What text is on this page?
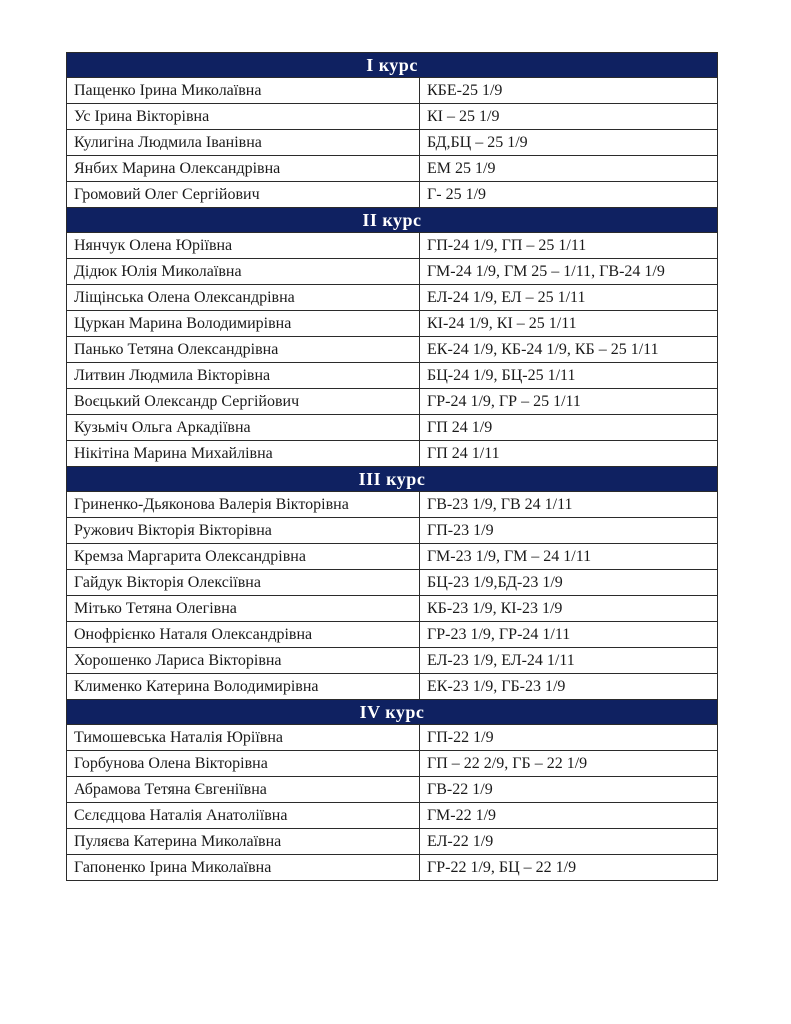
І курс	
Пащенко Ірина Миколаївна	КБЕ-25 1/9
Ус Ірина Вікторівна	КІ – 25 1/9
Кулигіна Людмила Іванівна	БД,БЦ – 25 1/9
Янбих Марина Олександрівна	ЕМ 25 1/9
Громовий Олег Сергійович	Г- 25 1/9
ІІ курс	
Нянчук Олена Юріївна	ГП-24 1/9, ГП – 25 1/11
Дідюк Юлія Миколаївна	ГМ-24 1/9, ГМ 25 – 1/11, ГВ-24 1/9
Ліщінська Олена Олександрівна	ЕЛ-24 1/9, ЕЛ – 25 1/11
Цуркан Марина Володимирівна	КІ-24 1/9, КІ – 25 1/11
Панько Тетяна Олександрівна	ЕК-24 1/9, КБ-24 1/9, КБ – 25 1/11
Литвин Людмила Вікторівна	БЦ-24 1/9, БЦ-25 1/11
Воєцький Олександр Сергійович	ГР-24 1/9, ГР – 25 1/11
Кузьміч Ольга Аркадіївна	ГП 24 1/9
Нікітіна Марина Михайлівна	ГП 24 1/11
ІІІ курс	
Гриненко-Дьяконова Валерія Вікторівна	ГВ-23 1/9, ГВ 24 1/11
Ружович Вікторія Вікторівна	ГП-23 1/9
Кремза Маргарита Олександрівна	ГМ-23 1/9, ГМ – 24 1/11
Гайдук Вікторія Олексіївна	БЦ-23 1/9,БД-23 1/9
Мітько Тетяна Олегівна	КБ-23 1/9, КІ-23 1/9
Онофрієнко Наталя Олександрівна	ГР-23 1/9, ГР-24 1/11
Хорошенко Лариса Вікторівна	ЕЛ-23 1/9, ЕЛ-24 1/11
Клименко Катерина Володимирівна	ЕК-23 1/9, ГБ-23 1/9
IV курс	
Тимошевська Наталія Юріївна	ГП-22 1/9
Горбунова Олена Вікторівна	ГП – 22 2/9, ГБ – 22 1/9
Абрамова Тетяна Євгеніївна	ГВ-22 1/9
Сєлєдцова Наталія Анатоліївна	ГМ-22 1/9
Пуляєва Катерина Миколаївна	ЕЛ-22 1/9
Гапоненко Ірина Миколаївна	ГР-22 1/9, БЦ – 22 1/9
